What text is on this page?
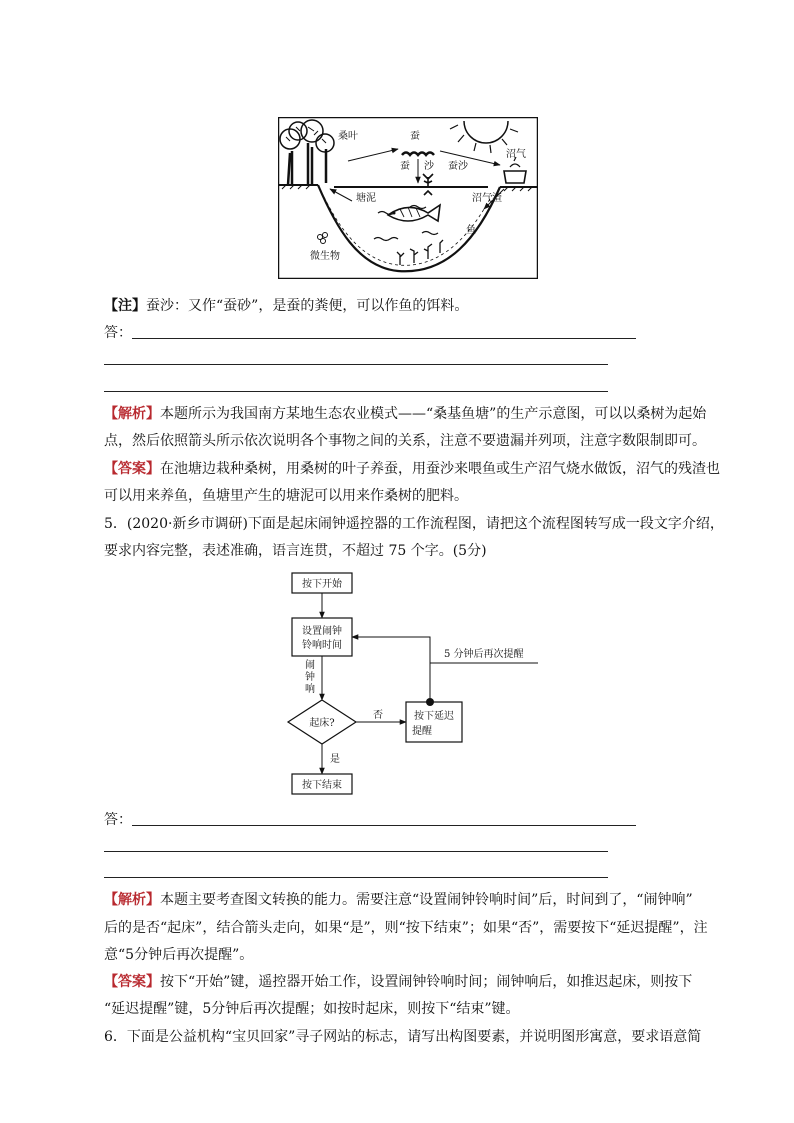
桑叶	蚕
蚕 沙 蚕沙
沼气
塘泥	沼气渣
鱼
微生物
【注】蚕沙：又作“蚕砂”，是蚕的粪便，可以作鱼的饵料。
答：
【解析】本题所示为我国南方某地生态农业模式——“桑基鱼塘”的生产示意图，可以以桑树为起始
点，然后依照箭头所示依次说明各个事物之间的关系，注意不要遗漏并列项，注意字数限制即可。
【答案】在池塘边栽种桑树，用桑树的叶子养蚕，用蚕沙来喂鱼或生产沼气烧水做饭，沼气的残渣也
可以用来养鱼，鱼塘里产生的塘泥可以用来作桑树的肥料。
5．(2020·新乡市调研)下面是起床闹钟遥控器的工作流程图，请把这个流程图转写成一段文字介绍，
要求内容完整，表述准确，语言连贯，不超过 75 个字。(5分)
按下开始
设置闹钟
铃响时间
闹
钟
响
起床?
否
是
按下延迟
提醒
5 分钟后再次提醒
按下结束
答：
【解析】本题主要考查图文转换的能力。需要注意“设置闹钟铃响时间”后，时间到了，“闹钟响”
后的是否“起床”，结合箭头走向，如果“是”，则“按下结束”；如果“否”，需要按下“延迟提醒”，注
意“5分钟后再次提醒”。
【答案】按下“开始”键，遥控器开始工作，设置闹钟铃响时间；闹钟响后，如推迟起床，则按下
“延迟提醒”键，5分钟后再次提醒；如按时起床，则按下“结束”键。
6．下面是公益机构“宝贝回家”寻子网站的标志，请写出构图要素，并说明图形寓意，要求语意简
